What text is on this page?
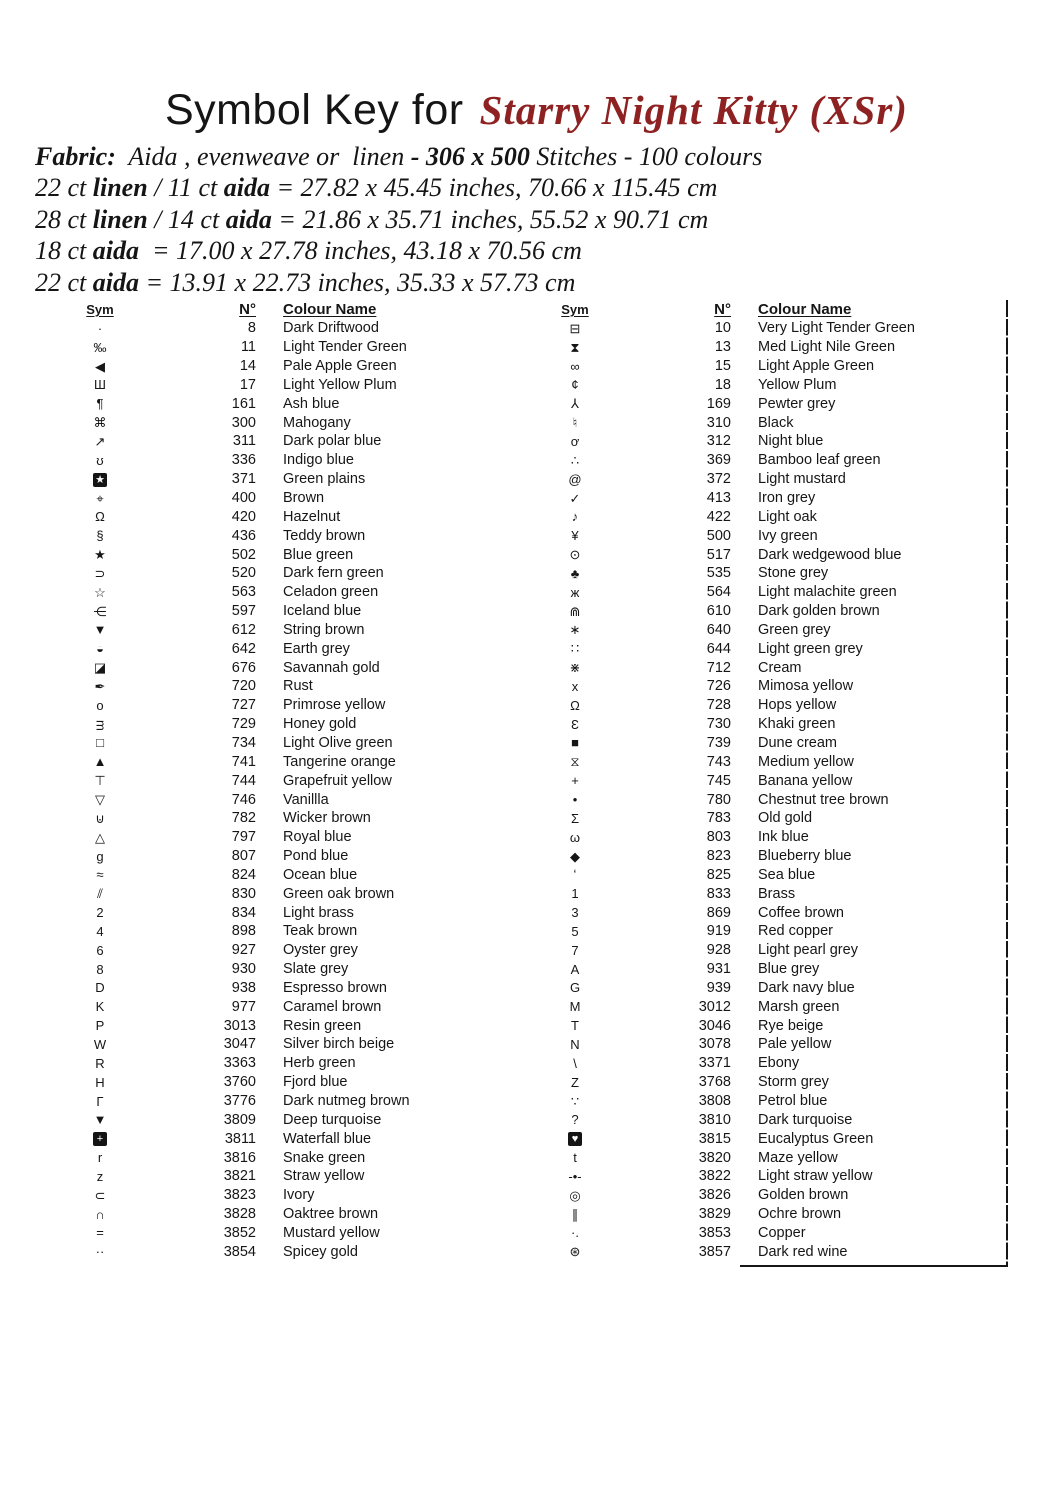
Symbol Key for Starry Night Kitty (XSr)
Fabric:  Aida , evenweave or  linen - 306 x 500 Stitches - 100 colours
22 ct linen / 11 ct aida = 27.82 x 45.45 inches, 70.66 x 115.45 cm
28 ct linen / 14 ct aida = 21.86 x 35.71 inches, 55.52 x 90.71 cm
18 ct aida  = 17.00 x 27.78 inches, 43.18 x 70.56 cm
22 ct aida = 13.91 x 22.73 inches, 35.33 x 57.73 cm
Sym	N° Colour Name
·	8 Dark Driftwood
‰	11 Light Tender Green
◀	14 Pale Apple Green
Ш	17 Light Yellow Plum
¶	161 Ash blue
⌘	300 Mahogany
↗	311 Dark polar blue
ʊ	336 Indigo blue
★	371 Green plains
⌖	400 Brown
Ω	420 Hazelnut
§	436 Teddy brown
★	502 Blue green
⊃	520 Dark fern green
☆	563 Celadon green
⋲	597 Iceland blue
▼	612 String brown
◒	642 Earth grey
◪	676 Savannah gold
✒	720 Rust
o	727 Primrose yellow
ᴟ	729 Honey gold
□	734 Light Olive green
▲	741 Tangerine orange
⊤	744 Grapefruit yellow
▽	746 Vanillla
⊍	782 Wicker brown
△	797 Royal blue
g	807 Pond blue
≈	824 Ocean blue
⫽	830 Green oak brown
2	834 Light brass
4	898 Teak brown
6	927 Oyster grey
8	930 Slate grey
D	938 Espresso brown
K	977 Caramel brown
P	3013 Resin green
W	3047 Silver birch beige
R	3363 Herb green
H	3760 Fjord blue
Γ	3776 Dark nutmeg brown
▼	3809 Deep turquoise
+	3811 Waterfall blue
r	3816 Snake green
z	3821 Straw yellow
⊂	3823 Ivory
∩	3828 Oaktree brown
=	3852 Mustard yellow
··	3854 Spicey gold
Sym	N° Colour Name
⊟	10 Very Light Tender Green
⧗	13 Med Light Nile Green
∞	15 Light Apple Green
¢	18 Yellow Plum
⅄	169 Pewter grey
♮	310 Black
ơ	312 Night blue
∴	369 Bamboo leaf green
@	372 Light mustard
✓	413 Iron grey
♪	422 Light oak
¥	500 Ivy green
⊙	517 Dark wedgewood blue
♣	535 Stone grey
ж	564 Light malachite green
⋒	610 Dark golden brown
∗	640 Green grey
∷	644 Light green grey
⋇	712 Cream
x	726 Mimosa yellow
Ω	728 Hops yellow
Ɛ	730 Khaki green
■	739 Dune cream
⧖	743 Medium yellow
+	745 Banana yellow
•	780 Chestnut tree brown
Σ	783 Old gold
ω	803 Ink blue
◆	823 Blueberry blue
ʻ	825 Sea blue
1	833 Brass
3	869 Coffee brown
5	919 Red copper
7	928 Light pearl grey
A	931 Blue grey
G	939 Dark navy blue
M	3012 Marsh green
T	3046 Rye beige
N	3078 Pale yellow
\	3371 Ebony
Z	3768 Storm grey
∵	3808 Petrol blue
?	3810 Dark turquoise
♥	3815 Eucalyptus Green
t	3820 Maze yellow
-•-	3822 Light straw yellow
◎	3826 Golden brown
∥	3829 Ochre brown
·.	3853 Copper
⊛	3857 Dark red wine
